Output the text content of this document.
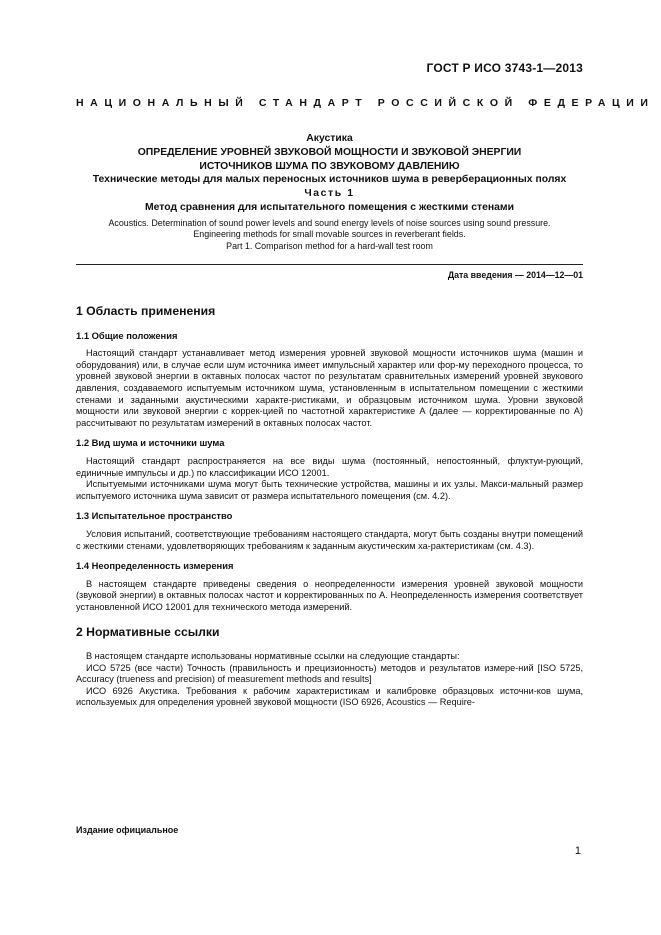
ГОСТ Р ИСО 3743-1—2013
НАЦИОНАЛЬНЫЙ СТАНДАРТ РОССИЙСКОЙ ФЕДЕРАЦИИ
Акустика
ОПРЕДЕЛЕНИЕ УРОВНЕЙ ЗВУКОВОЙ МОЩНОСТИ И ЗВУКОВОЙ ЭНЕРГИИ
ИСТОЧНИКОВ ШУМА ПО ЗВУКОВОМУ ДАВЛЕНИЮ
Технические методы для малых переносных источников шума в реверберационных полях
Часть 1
Метод сравнения для испытательного помещения с жесткими стенами
Acoustics. Determination of sound power levels and sound energy levels of noise sources using sound pressure.
Engineering methods for small movable sources in reverberant fields.
Part 1. Comparison method for a hard-wall test room
Дата введения — 2014—12—01
1 Область применения
1.1 Общие положения

Настоящий стандарт устанавливает метод измерения уровней звуковой мощности источников шума (машин и оборудования) или, в случае если шум источника имеет импульсный характер или фор-му переходного процесса, то уровней звуковой энергии в октавных полосах частот по результатам сравнительных измерений уровней звукового давления, создаваемого испытуемым источником шума, установленным в испытательном помещении с жесткими стенами и заданными акустическими характе-ристиками, и образцовым источником шума. Уровни звуковой мощности или звуковой энергии с коррек-цией по частотной характеристике A (далее — корректированные по A) рассчитывают по результатам измерений в октавных полосах частот.

1.2 Вид шума и источники шума

Настоящий стандарт распространяется на все виды шума (постоянный, непостоянный, флуктуи-рующий, единичные импульсы и др.) по классификации ИСО 12001.

Испытуемыми источниками шума могут быть технические устройства, машины и их узлы. Макси-мальный размер испытуемого источника шума зависит от размера испытательного помещения (см. 4.2).

1.3 Испытательное пространство

Условия испытаний, соответствующие требованиям настоящего стандарта, могут быть созданы внутри помещений с жесткими стенами, удовлетворяющих требованиям к заданным акустическим ха-рактеристикам (см. 4.3).

1.4 Неопределенность измерения

В настоящем стандарте приведены сведения о неопределенности измерения уровней звуковой мощности (звуковой энергии) в октавных полосах частот и корректированных по A. Неопределенность измерения соответствует установленной ИСО 12001 для технического метода измерений.

2 Нормативные ссылки

В настоящем стандарте использованы нормативные ссылки на следующие стандарты:

ИСО 5725 (все части) Точность (правильность и прецизионность) методов и результатов измере-ний [ISO 5725, Accuracy (trueness and precision) of measurement methods and results]

ИСО 6926 Акустика. Требования к рабочим характеристикам и калибровке образцовых источни-ков шума, используемых для определения уровней звуковой мощности (ISO 6926, Acoustics — Require-

Издание официальное
1
